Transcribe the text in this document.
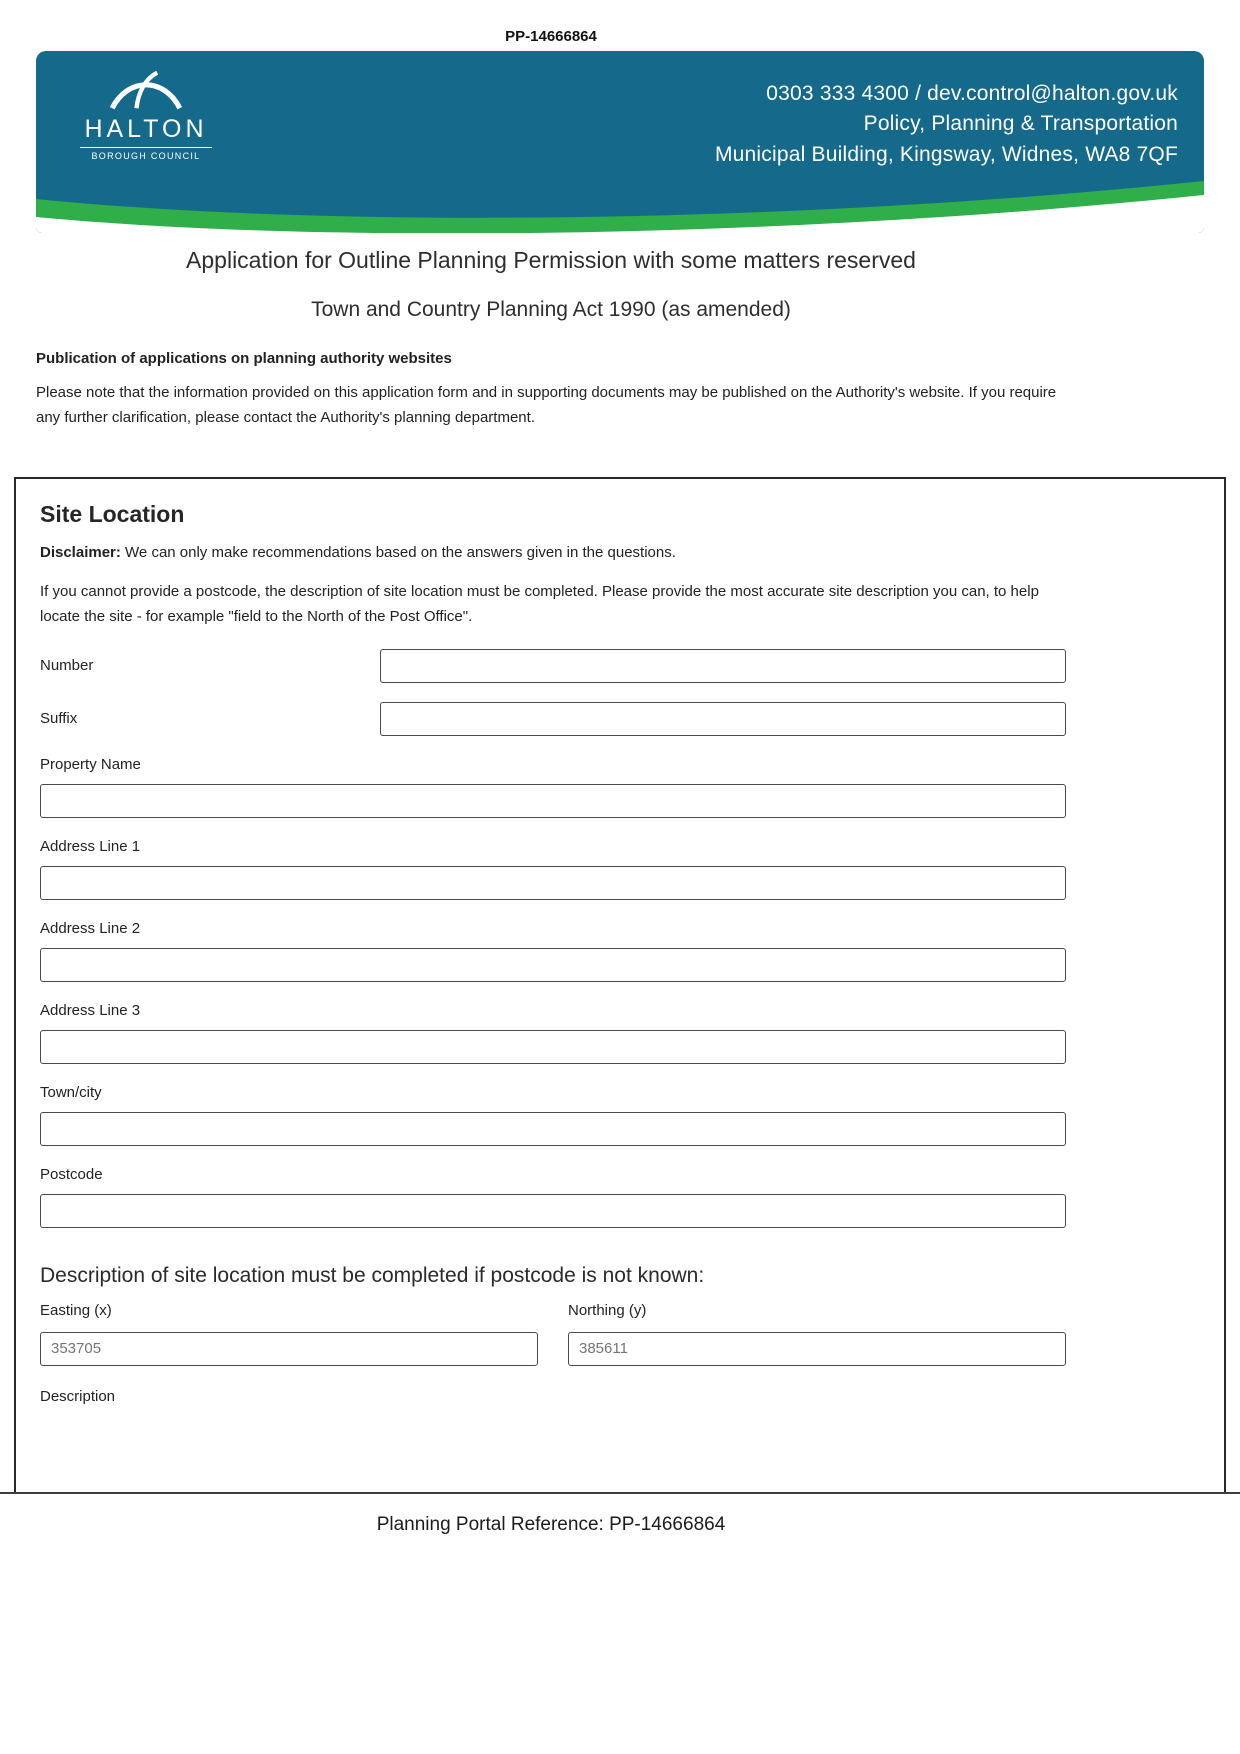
PP-14666864
HALTON
BOROUGH COUNCIL
0303 333 4300 / dev.control@halton.gov.uk
Policy, Planning & Transportation
Municipal Building, Kingsway, Widnes, WA8 7QF
Application for Outline Planning Permission with some matters reserved
Town and Country Planning Act 1990 (as amended)
Publication of applications on planning authority websites

Please note that the information provided on this application form and in supporting documents may be published on the Authority's website. If you require any further clarification, please contact the Authority's planning department.

Site Location
Disclaimer: We can only make recommendations based on the answers given in the questions.

If you cannot provide a postcode, the description of site location must be completed. Please provide the most accurate site description you can, to help locate the site - for example "field to the North of the Post Office".

Number
Suffix
Property Name
Address Line 1
Address Line 2
Address Line 3
Town/city
Postcode
Description of site location must be completed if postcode is not known:
Easting (x)
353705	Northing (y)
385611
Description
Planning Portal Reference: PP-14666864
